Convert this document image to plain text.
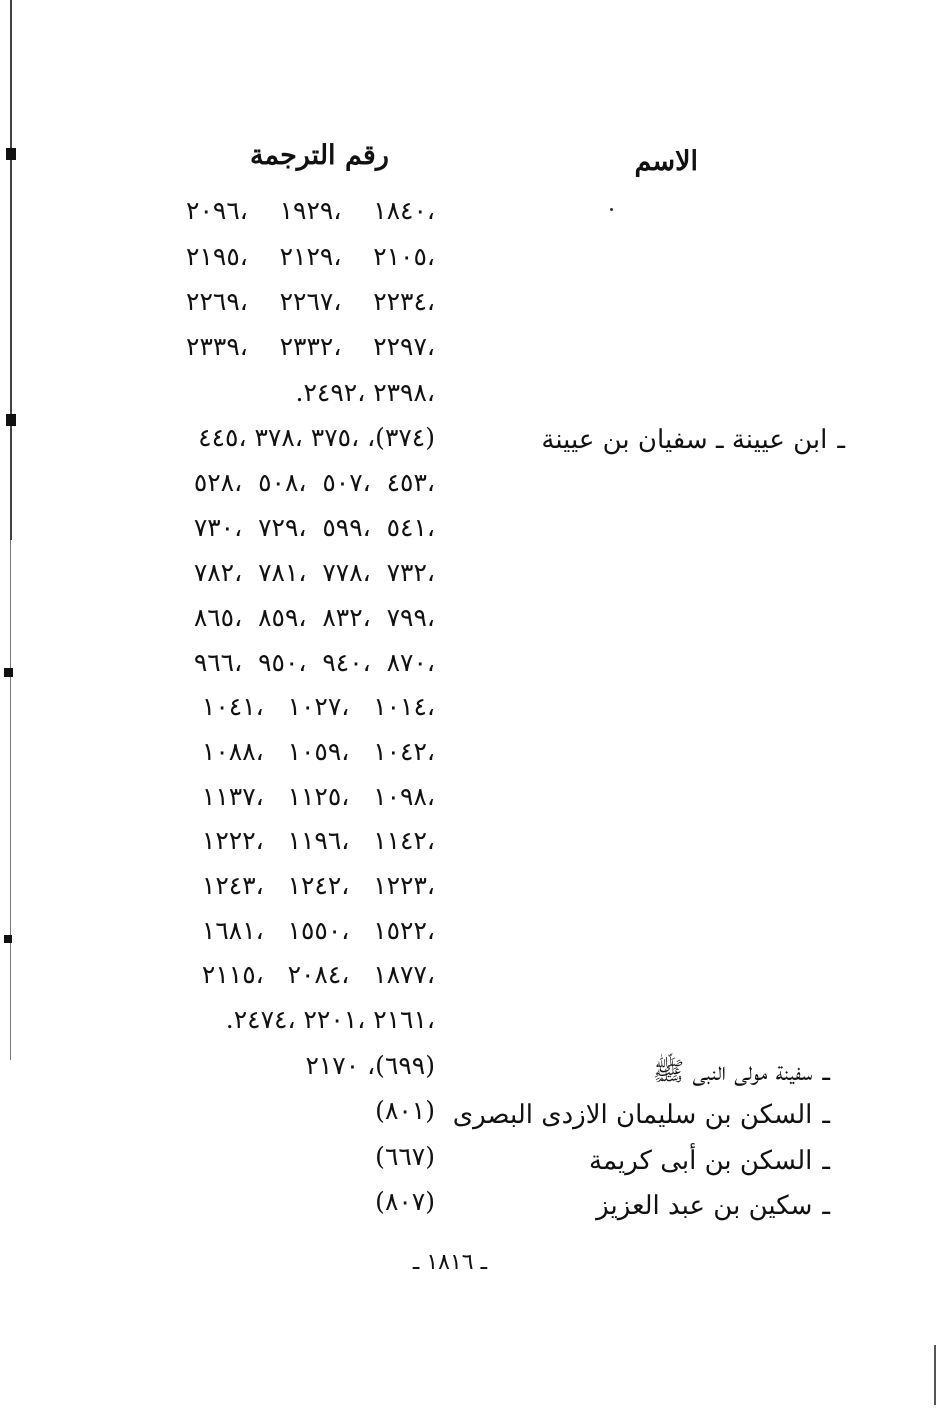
الاسم
رقم الترجمة
،١٨٤٠    ،١٩٢٩    ،٢٠٩٦
،٢١٠٥    ،٢١٢٩    ،٢١٩٥
،٢٢٣٤    ،٢٢٦٧    ،٢٢٦٩
،٢٢٩٧    ،٢٣٣٢    ،٢٣٣٩
،٢٣٩٨ ،٢٤٩٢.
(٣٧٤)، ،٣٧٥ ،٣٧٨ ،٤٤٥
،٤٥٣  ،٥٠٧  ،٥٠٨  ،٥٢٨
،٥٤١  ،٥٩٩  ،٧٢٩  ،٧٣٠
،٧٣٢  ،٧٧٨  ،٧٨١  ،٧٨٢
،٧٩٩  ،٨٣٢  ،٨٥٩  ،٨٦٥
،٨٧٠  ،٩٤٠  ،٩٥٠  ،٩٦٦
،١٠١٤   ،١٠٢٧   ،١٠٤١
،١٠٤٢   ،١٠٥٩   ،١٠٨٨
،١٠٩٨   ،١١٢٥   ،١١٣٧
،١١٤٢   ،١١٩٦   ،١٢٢٢
،١٢٢٣   ،١٢٤٢   ،١٢٤٣
،١٥٢٢   ،١٥٥٠   ،١٦٨١
،١٨٧٧   ،٢٠٨٤   ،٢١١٥
،٢١٦١ ،٢٢٠١ ،٢٤٧٤.
(٦٩٩)، ٢١٧٠
(٨٠١)
(٦٦٧)
(٨٠٧)
ـابن عيينة ـ سفيان بن عيينة
ـسفينة مولى النبى ﷺ
ـالسكن بن سليمان الازدى البصرى
ـالسكن بن أبى كريمة
ـسكين بن عبد العزيز
ـ ١٨١٦ ـ
